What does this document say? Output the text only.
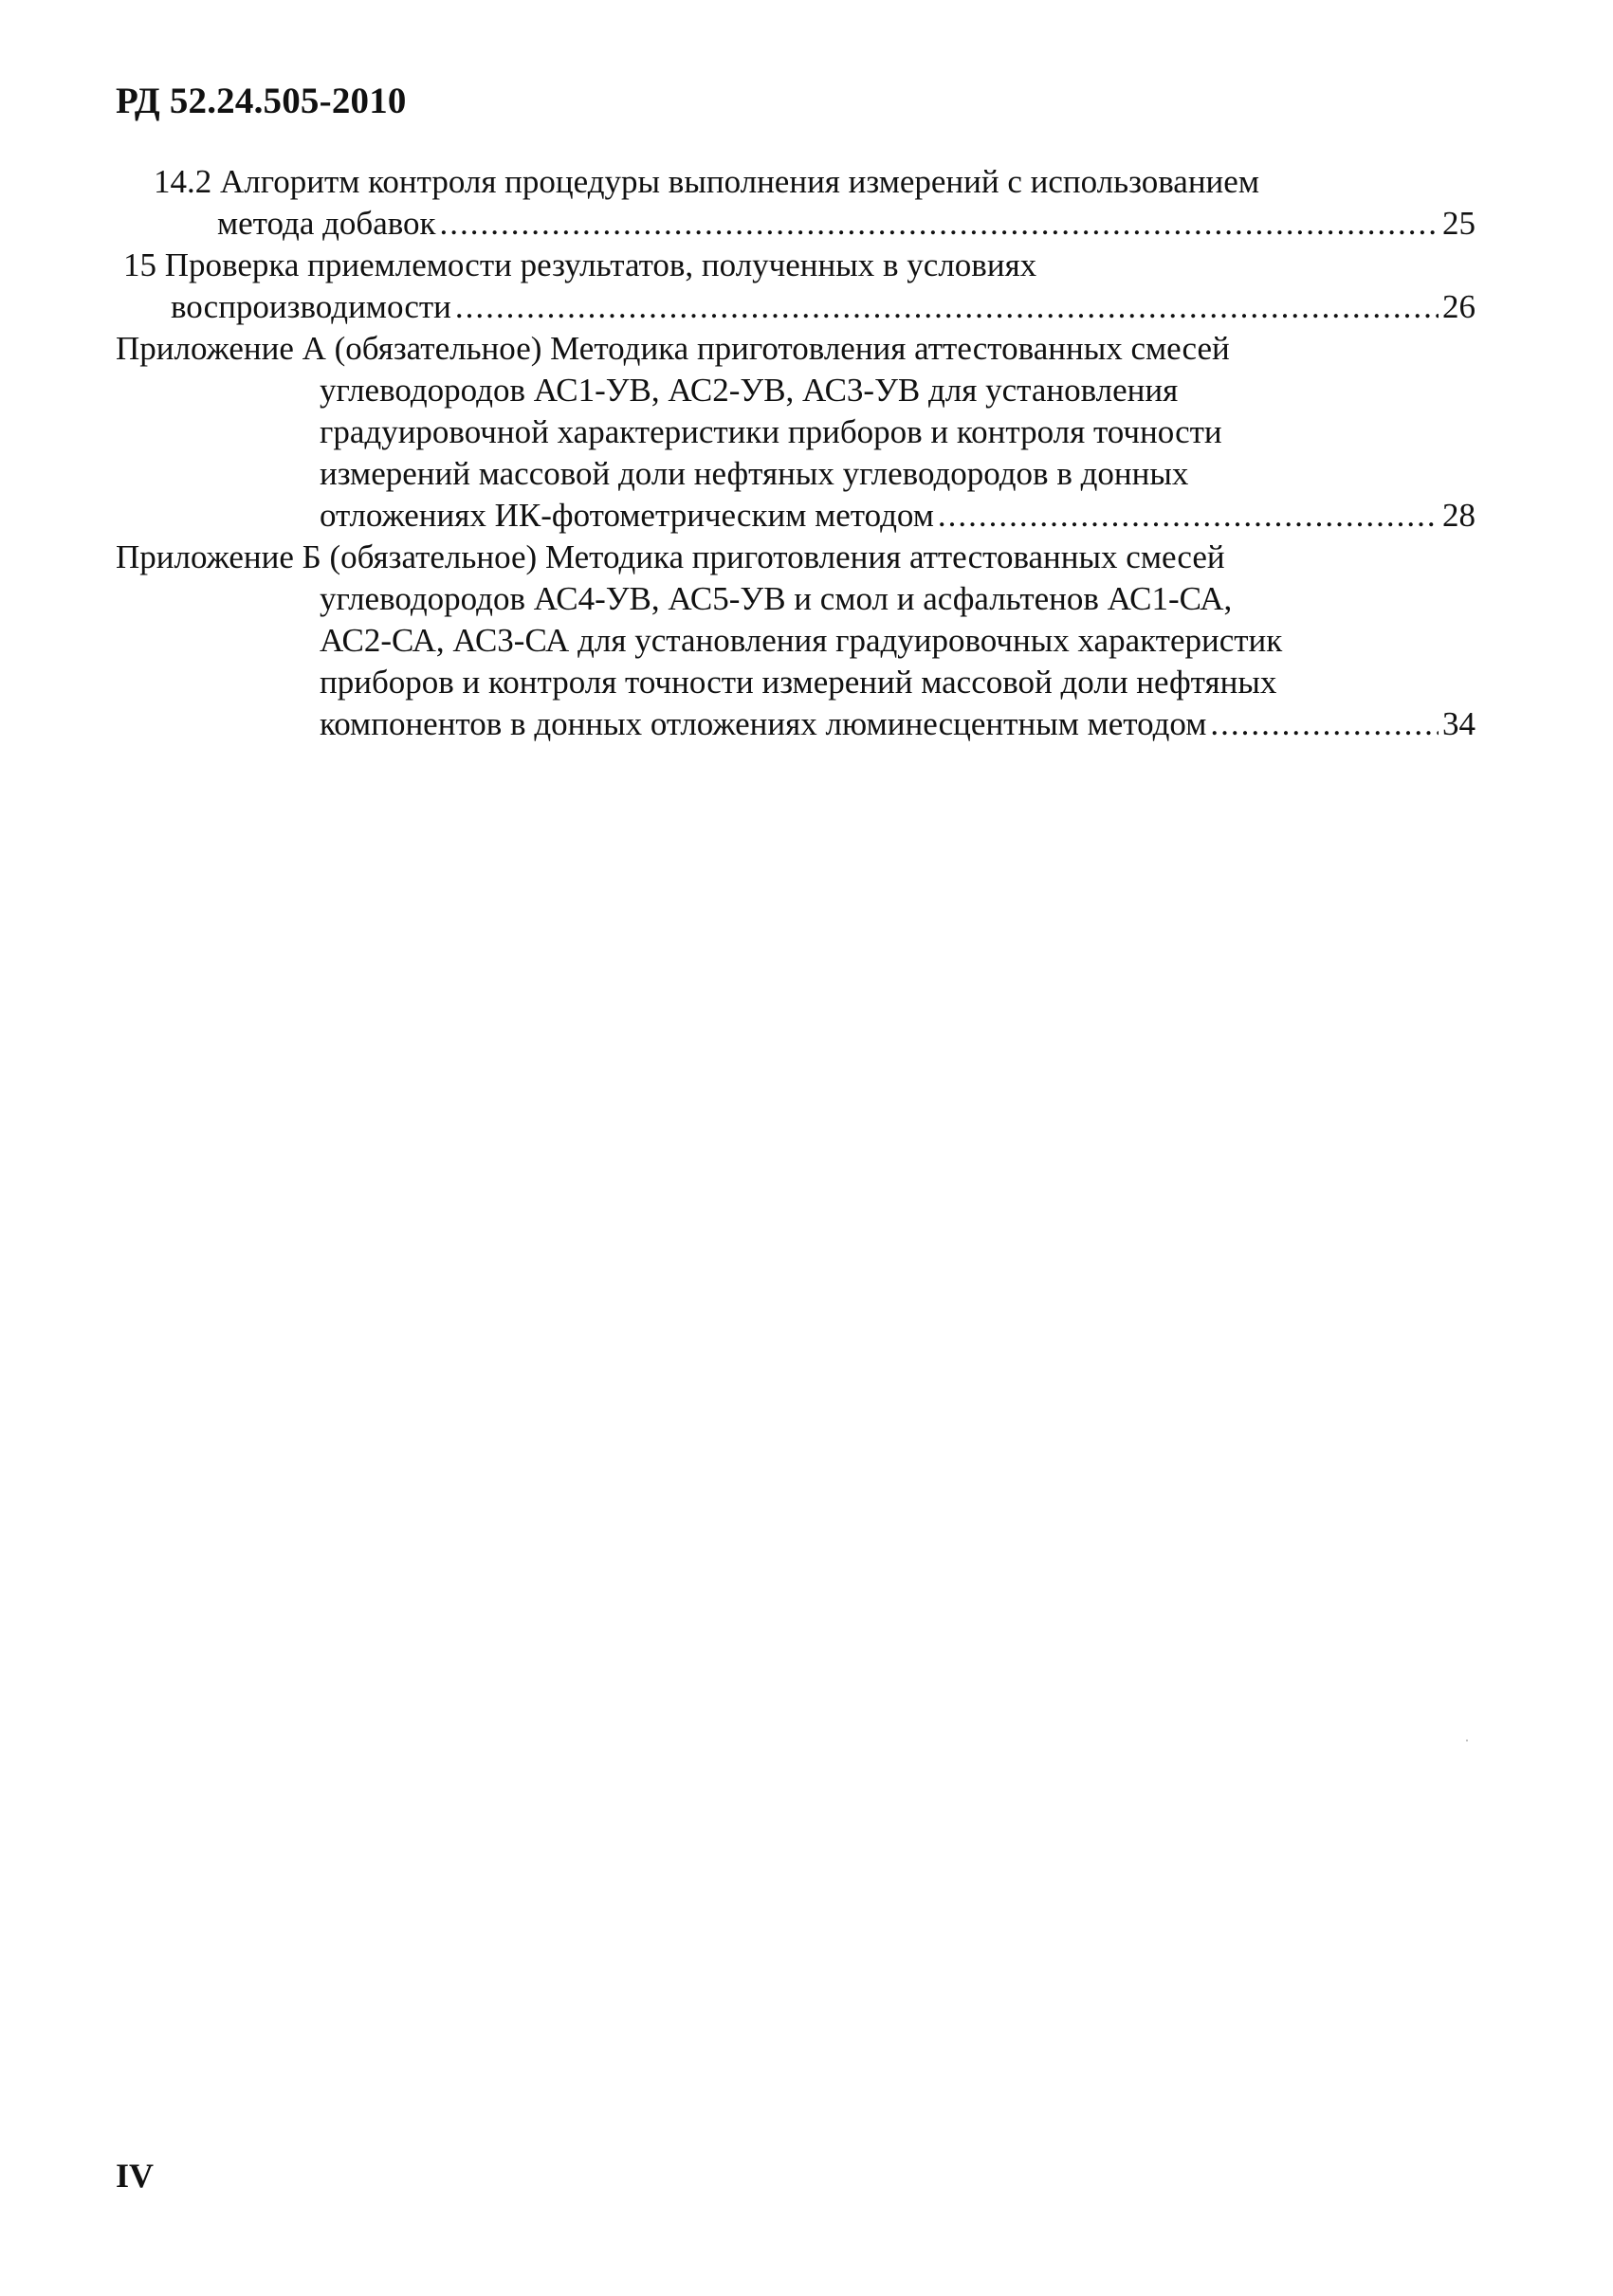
РД 52.24.505-2010
14.2 Алгоритм контроля процедуры выполнения измерений с использованием
метода добавок .....	25
15 Проверка приемлемости результатов, полученных в условиях
воспроизводимости .....	26
Приложение А (обязательное) Методика приготовления аттестованных смесей
углеводородов АС1-УВ, АС2-УВ, АС3-УВ для установления
градуировочной характеристики приборов и контроля точности
измерений массовой доли нефтяных углеводородов в донных
отложениях ИК-фотометрическим методом .....	28
Приложение Б (обязательное) Методика приготовления аттестованных смесей
углеводородов АС4-УВ, АС5-УВ и смол и асфальтенов АС1-СА,
АС2-СА, АС3-СА для установления градуировочных характеристик
приборов и контроля точности измерений массовой доли нефтяных
компонентов в донных отложениях люминесцентным методом .....	34
IV
